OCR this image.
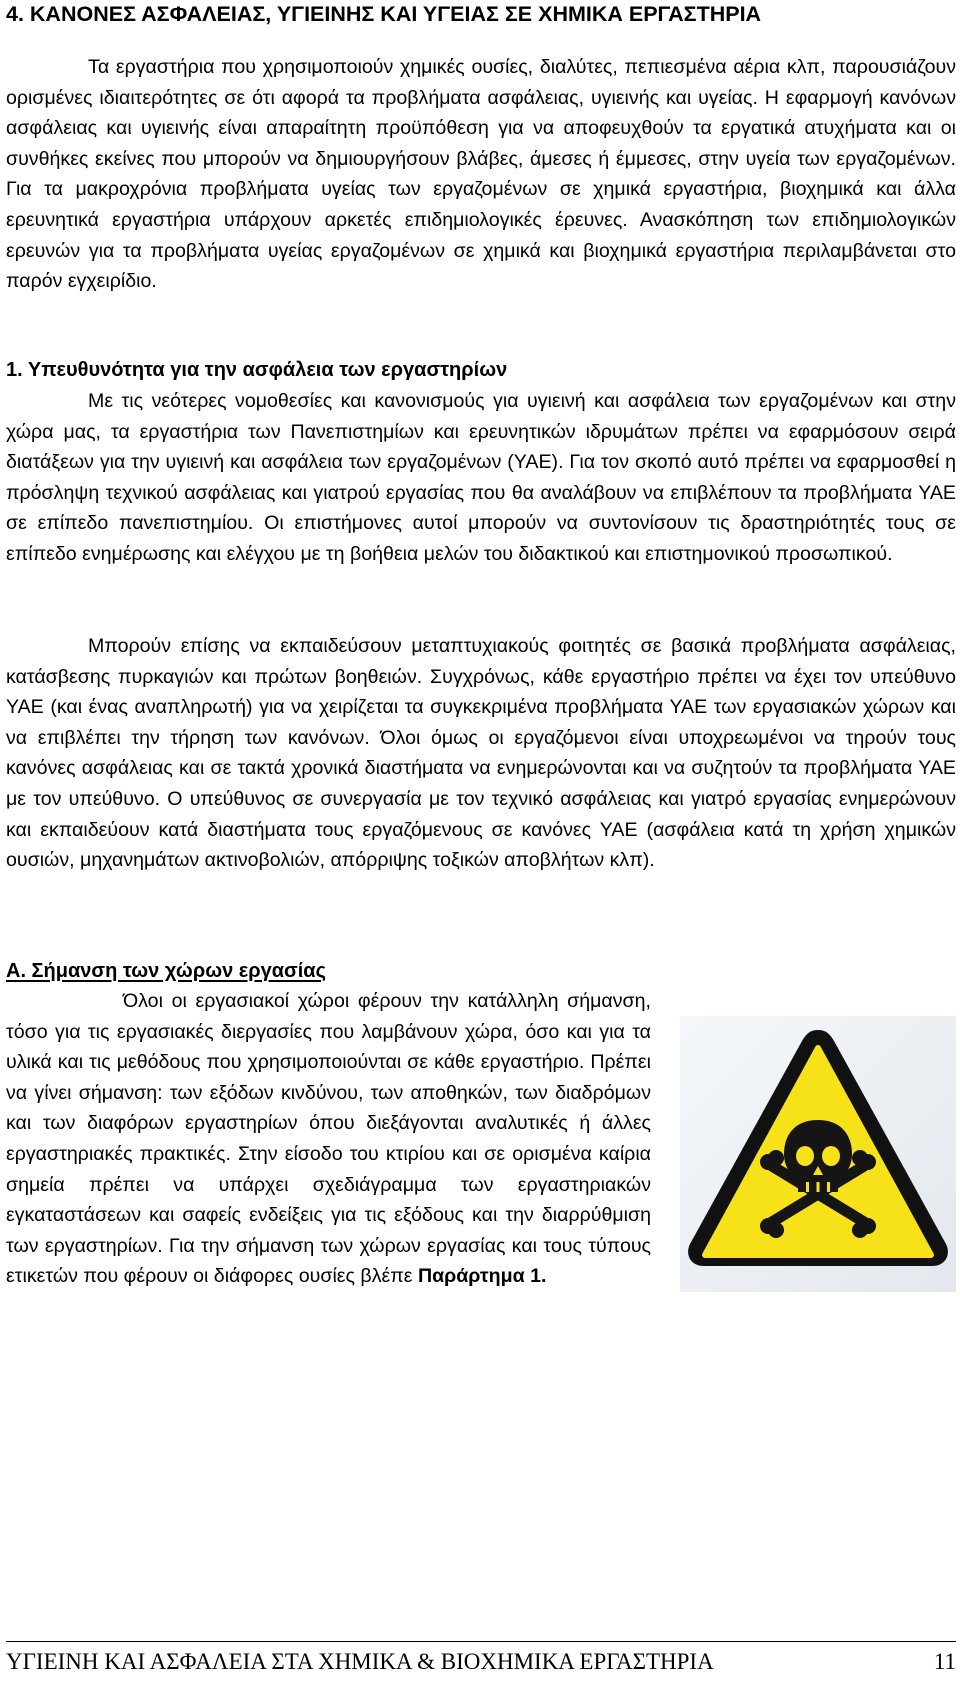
4. ΚΑΝΟΝΕΣ ΑΣΦΑΛΕΙΑΣ, ΥΓΙΕΙΝΗΣ ΚΑΙ ΥΓΕΙΑΣ ΣΕ ΧΗΜΙΚΑ ΕΡΓΑΣΤΗΡΙΑ
Τα εργαστήρια που χρησιμοποιούν χημικές ουσίες, διαλύτες, πεπιεσμένα αέρια κλπ, παρουσιάζουν ορισμένες ιδιαιτερότητες σε ότι αφορά τα προβλήματα ασφάλειας, υγιεινής και υγείας. Η εφαρμογή κανόνων ασφάλειας και υγιεινής είναι απαραίτητη προϋπόθεση για να αποφευχθούν τα εργατικά ατυχήματα και οι συνθήκες εκείνες που μπορούν να δημιουργήσουν βλάβες, άμεσες ή έμμεσες, στην υγεία των εργαζομένων. Για τα μακροχρόνια προβλήματα υγείας των εργαζομένων σε χημικά εργαστήρια, βιοχημικά και άλλα ερευνητικά εργαστήρια υπάρχουν αρκετές επιδημιολογικές έρευνες. Ανασκόπηση των επιδημιολογικών ερευνών για τα προβλήματα υγείας εργαζομένων σε χημικά και βιοχημικά εργαστήρια περιλαμβάνεται στο παρόν εγχειρίδιο.
1. Υπευθυνότητα για την ασφάλεια των εργαστηρίων
Με τις νεότερες νομοθεσίες και κανονισμούς για υγιεινή και ασφάλεια των εργαζομένων και στην χώρα μας, τα εργαστήρια των Πανεπιστημίων και ερευνητικών ιδρυμάτων πρέπει να εφαρμόσουν σειρά διατάξεων για την υγιεινή και ασφάλεια των εργαζομένων (ΥΑΕ). Για τον σκοπό αυτό πρέπει να εφαρμοσθεί η πρόσληψη τεχνικού ασφάλειας και γιατρού εργασίας που θα αναλάβουν να επιβλέπουν τα προβλήματα ΥΑΕ σε επίπεδο πανεπιστημίου. Οι επιστήμονες αυτοί μπορούν να συντονίσουν τις δραστηριότητές τους σε επίπεδο ενημέρωσης και ελέγχου με τη βοήθεια μελών του διδακτικού και επιστημονικού προσωπικού.
Μπορούν επίσης να εκπαιδεύσουν μεταπτυχιακούς φοιτητές σε βασικά προβλήματα ασφάλειας, κατάσβεσης πυρκαγιών και πρώτων βοηθειών. Συγχρόνως, κάθε εργαστήριο πρέπει να έχει τον υπεύθυνο ΥΑΕ (και ένας αναπληρωτή) για να χειρίζεται τα συγκεκριμένα προβλήματα ΥΑΕ των εργασιακών χώρων και να επιβλέπει την τήρηση των κανόνων. Όλοι όμως οι εργαζόμενοι είναι υποχρεωμένοι να τηρούν τους κανόνες ασφάλειας και σε τακτά χρονικά διαστήματα να ενημερώνονται και να συζητούν τα προβλήματα ΥΑΕ με τον υπεύθυνο. Ο υπεύθυνος σε συνεργασία με τον τεχνικό ασφάλειας και γιατρό εργασίας ενημερώνουν και εκπαιδεύουν κατά διαστήματα τους εργαζόμενους σε κανόνες ΥΑΕ (ασφάλεια κατά τη χρήση χημικών ουσιών, μηχανημάτων ακτινοβολιών, απόρριψης τοξικών αποβλήτων κλπ).
Α. Σήμανση των χώρων εργασίας
Όλοι οι εργασιακοί χώροι φέρουν την κατάλληλη σήμανση, τόσο για τις εργασιακές διεργασίες που λαμβάνουν χώρα, όσο και για τα υλικά και τις μεθόδους που χρησιμοποιούνται σε κάθε εργαστήριο. Πρέπει να γίνει σήμανση: των εξόδων κινδύνου, των αποθηκών, των διαδρόμων και των διαφόρων εργαστηρίων όπου διεξάγονται αναλυτικές ή άλλες εργαστηριακές πρακτικές. Στην είσοδο του κτιρίου και σε ορισμένα καίρια σημεία πρέπει να υπάρχει σχεδιάγραμμα των εργαστηριακών εγκαταστάσεων και σαφείς ενδείξεις για τις εξόδους και την διαρρύθμιση των εργαστηρίων. Για την σήμανση των χώρων εργασίας και τους τύπους ετικετών που φέρουν οι διάφορες ουσίες βλέπε Παράρτημα 1.
ΥΓΙΕΙΝΗ ΚΑΙ ΑΣΦΑΛΕΙΑ ΣΤΑ ΧΗΜΙΚΑ & ΒΙΟΧΗΜΙΚΑ ΕΡΓΑΣΤΗΡΙΑ	11
